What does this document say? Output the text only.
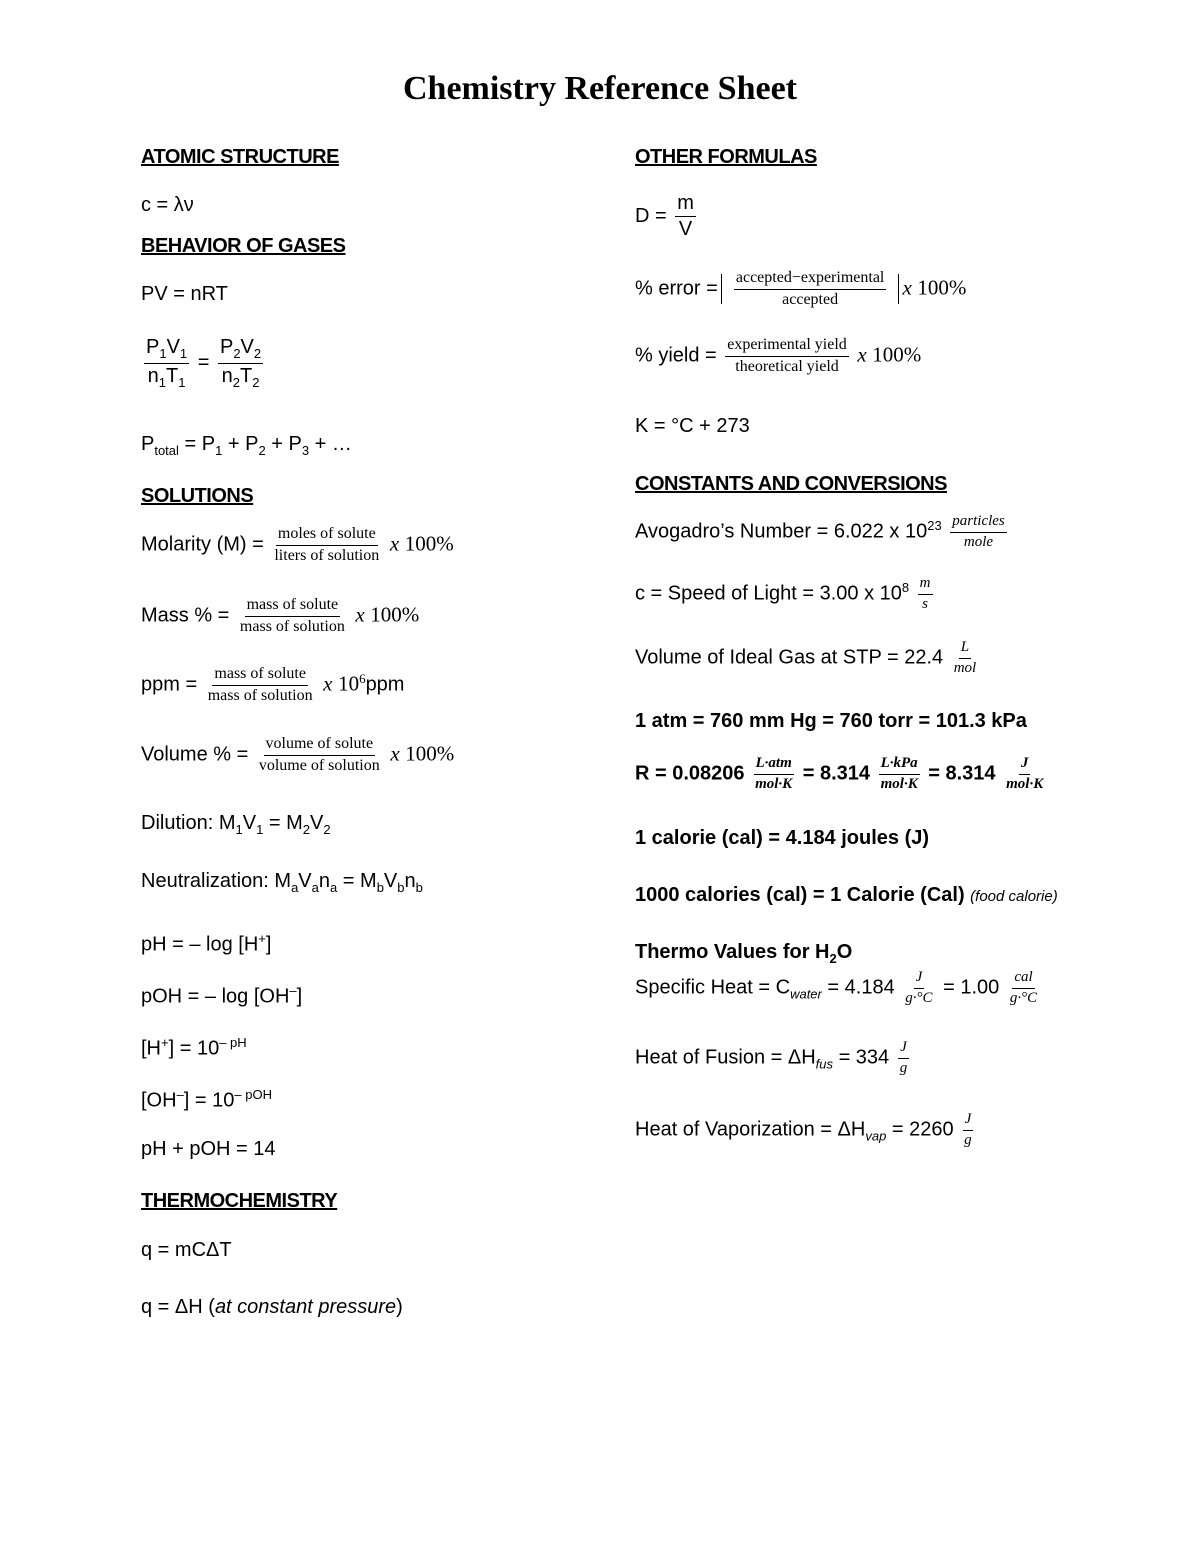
Chemistry Reference Sheet
ATOMIC STRUCTURE
c = λν
BEHAVIOR OF GASES
PV = nRT
$\frac{P_1V_1}{n_1T_1} = \frac{P_2V_2}{n_2T_2}$
$P_{total} = P_1 + P_2 + P_3$ + …
SOLUTIONS
Molarity $(M) = \frac{\text{moles of solute}}{\text{liters of solution}}$ x 100%
Mass % = $\frac{\text{mass of solute}}{\text{mass of solution}}$ x 100%
ppm = $\frac{\text{mass of solute}}{\text{mass of solution}}$ x $10^6ppm$
Volume % = $\frac{\text{volume of solute}}{\text{volume of solution}}$ x 100%
Dilution: $M_1V_1 = M_2V_2$
Neutralization: $M_aV_an_a = M_bV_bn_b$
pH = – log [H+]
pOH = – log [OH–]
$[H^+] = 10^{- pH}$
$[OH^-] = 10^{- pOH}$
pH + pOH = 14
THERMOCHEMISTRY
q = mCΔT
q = ΔH (at constant pressure)
OTHER FORMULAS
$D = \frac{m}{V}$
% error = $\frac{\text{accepted−experimental}}{\text{accepted}}$ x 100%
% yield = $\frac{\text{experimental yield}}{\text{theoretical yield}}$ x 100%
K = °C + 273
CONSTANTS AND CONVERSIONS
Avogadro’s Number = 6.022 x $10^{23} \frac{\text{particles}}{\text{mole}}$
c = Speed of Light = 3.00 x $10^8 \frac{m}{s}$
Volume of Ideal Gas at STP = $22.4 \frac{L}{\text{mol}}$
1 atm = 760 mm Hg = 760 torr = 101.3 kPa
$R = 0.08206 \frac{\text{L·atm}}{\text{mol·K}} = 8.314 \frac{\text{L·kPa}}{\text{mol·K}} = 8.314 \frac{J}{\text{mol·K}}$
1 calorie (cal) = 4.184 joules (J)
1000 calories (cal) = 1 Calorie (Cal) (food calorie)
Thermo Values for $H_2O$
Specific Heat = $C_{water} = 4.184 \frac{J}{g\cdot^\circ C} = 1.00 \frac{\text{cal}}{g\cdot^\circ C}$
Heat of Fusion = $\Delta H_{fus} = 334 \frac{J}{g}$
Heat of Vaporization = $\Delta H_{vap} = 2260 \frac{J}{g}$
